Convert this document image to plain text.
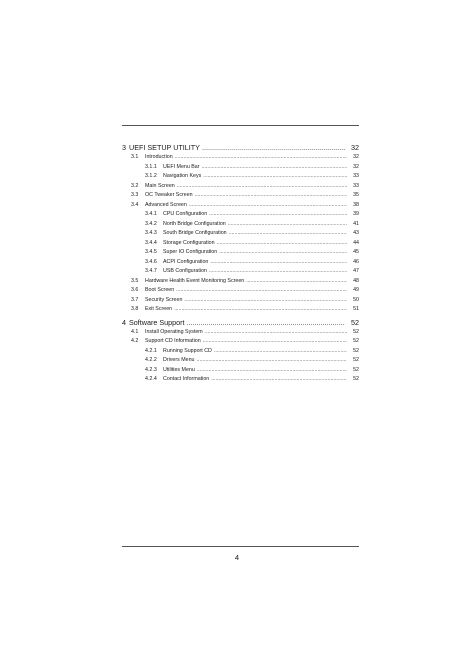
3 UEFI SETUP UTILITY .....	32
3.1	Introduction .....	32
3.1.1	UEFI Menu Bar .....	32
3.1.2	Navigation Keys .....	33
3.2	Main Screen .....	33
3.3	OC Tweaker Screen .....	35
3.4	Advanced Screen .....	38
3.4.1	CPU Configuration .....	39
3.4.2	North Bridge Configuration .....	41
3.4.3	South Bridge Configuration .....	43
3.4.4	Storage Configuration .....	44
3.4.5	Super IO Configuration .....	45
3.4.6	ACPI Configuration .....	46
3.4.7	USB Configuration .....	47
3.5	Hardware Health Event Monitoring Screen .....	48
3.6	Boot Screen .....	49
3.7	Security Screen .....	50
3.8	Exit Screen .....	51
4 Software Support .....	52
4.1	Install Operating System .....	52
4.2	Support CD Information .....	52
4.2.1	Running Support CD .....	52
4.2.2	Drivers Menu .....	52
4.2.3	Utilities Menu .....	52
4.2.4	Contact Information .....	52
4
